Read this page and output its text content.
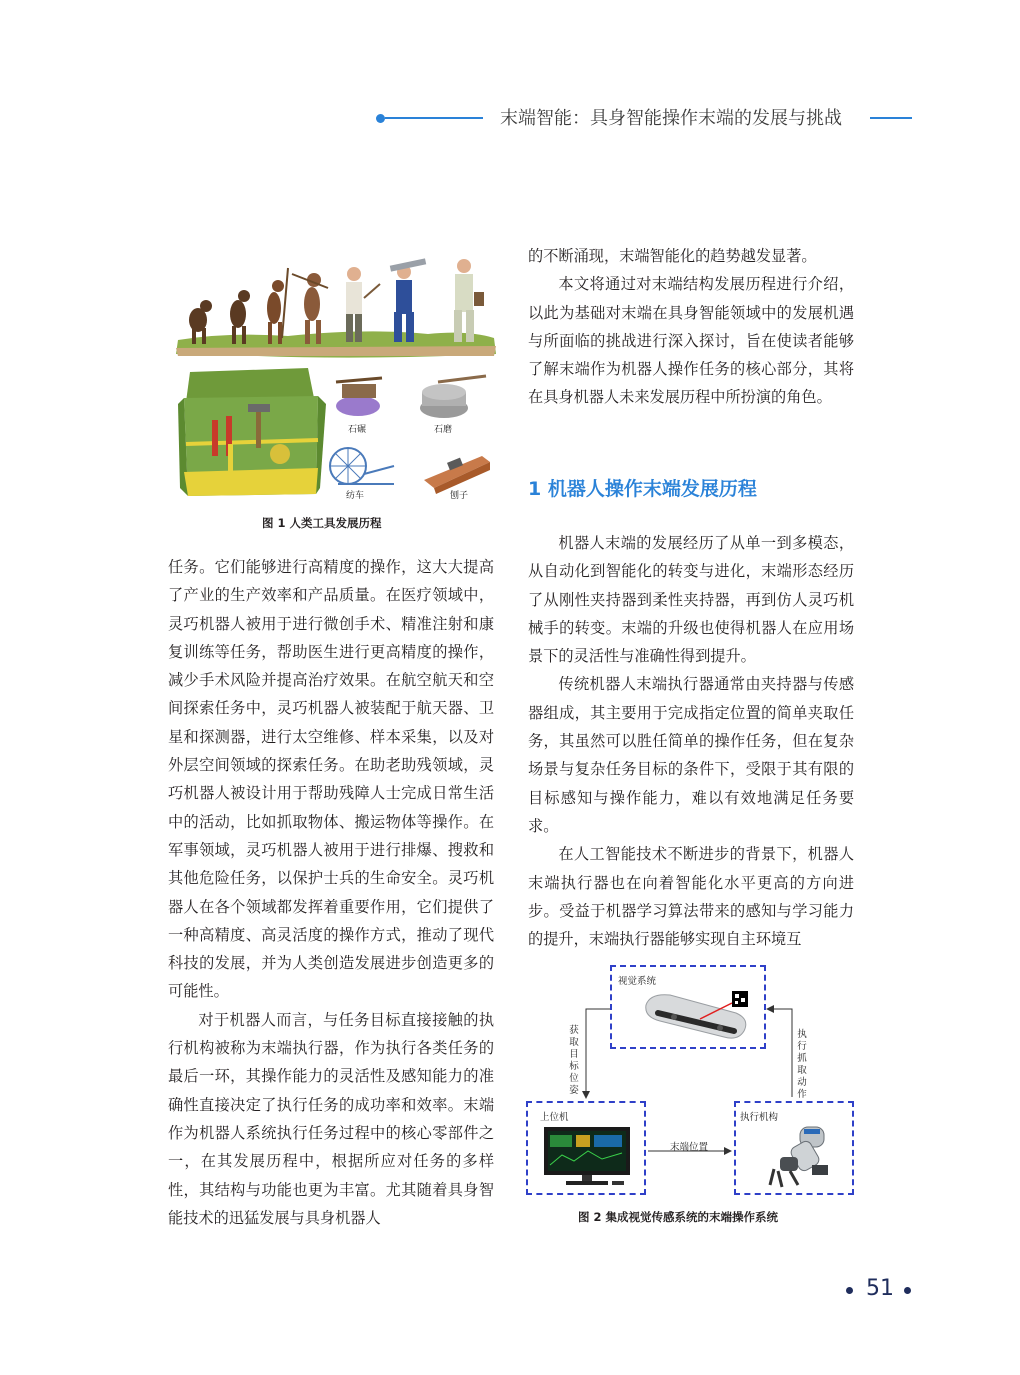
末端智能：具身智能操作末端的发展与挑战
石碾	石磨
纺车	刨子
图 1 人类工具发展历程

任务。它们能够进行高精度的操作，这大大提高了产业的生产效率和产品质量。在医疗领域中，灵巧机器人被用于进行微创手术、精准注射和康复训练等任务，帮助医生进行更高精度的操作，减少手术风险并提高治疗效果。在航空航天和空间探索任务中，灵巧机器人被装配于航天器、卫星和探测器，进行太空维修、样本采集，以及对外层空间领域的探索任务。在助老助残领域，灵巧机器人被设计用于帮助残障人士完成日常生活中的活动，比如抓取物体、搬运物体等操作。在军事领域，灵巧机器人被用于进行排爆、搜救和其他危险任务，以保护士兵的生命安全。灵巧机器人在各个领域都发挥着重要作用，它们提供了一种高精度、高灵活度的操作方式，推动了现代科技的发展，并为人类创造发展进步创造更多的可能性。

对于机器人而言，与任务目标直接接触的执行机构被称为末端执行器，作为执行各类任务的最后一环，其操作能力的灵活性及感知能力的准确性直接决定了执行任务的成功率和效率。末端作为机器人系统执行任务过程中的核心零部件之一，在其发展历程中，根据所应对任务的多样性，其结构与功能也更为丰富。尤其随着具身智能技术的迅猛发展与具身机器人

的不断涌现，末端智能化的趋势越发显著。

本文将通过对末端结构发展历程进行介绍，以此为基础对末端在具身智能领域中的发展机遇与所面临的挑战进行深入探讨，旨在使读者能够了解末端作为机器人操作任务的核心部分，其将在具身机器人未来发展历程中所扮演的角色。

1 机器人操作末端发展历程

机器人末端的发展经历了从单一到多模态，从自动化到智能化的转变与进化，末端形态经历了从刚性夹持器到柔性夹持器，再到仿人灵巧机械手的转变。末端的升级也使得机器人在应用场景下的灵活性与准确性得到提升。

传统机器人末端执行器通常由夹持器与传感器组成，其主要用于完成指定位置的简单夹取任务，其虽然可以胜任简单的操作任务，但在复杂场景与复杂任务目标的条件下，受限于其有限的目标感知与操作能力，难以有效地满足任务要求。

在人工智能技术不断进步的背景下，机器人末端执行器也在向着智能化水平更高的方向进步。受益于机器学习算法带来的感知与学习能力的提升，末端执行器能够实现自主环境互

视觉系统
获取目标位姿
执行抓取动作
上位机
末端位置
执行机构
图 2 集成视觉传感系统的末端操作系统
51
